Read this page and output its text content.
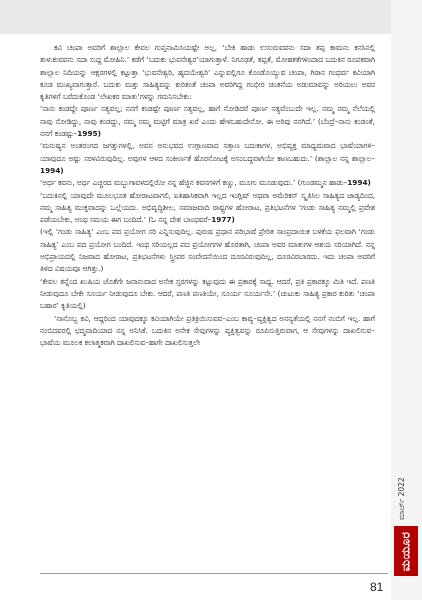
ಕವಿ ಚಂಪಾ ಅವರಿಗೆ ಶಾಲ್ಲಾಲ ಕೇವಲ ಗುಪ್ತನಾಮಿಸಿಯಷ್ಟೇ ಅಲ್ಲ, ‘ಬೇಕಿ ಹಾಡು ಉಸುರುವವನು ಸದಾ ತಪ್ಪ ಕಾಮನು ಕನಸಿನಲ್ಲಿ ತುಳುಕುವವನು ಸದಾ ಸುದ್ದ ಮೋಹಿನಿ.’ ಕಡೆಗೆ ‘ಬದುಕು ಭುವನೇಶ್ವರ’ಯಾಗುತ್ತಾಳೆ. ನಿಗೂಢತೆ, ತಪ್ಪತೆ, ಮೋಹಕತೆಗಳಿಂದಾದ ಬದುಕಿನ ರೂಪಕವಾಗಿ ಶಾಲ್ಲಾಲ ನಿದಿಯನ್ನು ಆಕ್ಷರಗಳಲ್ಲಿ ಕಟ್ಟುತ್ತಾ ‘ಭುವನೇಶ್ವರಿ, ಹೃದಯೇಶ್ವರಿ’ ಎನ್ನುವಲ್ಲಿಗೂ ಕೊಂಡೊಯ್ಯುವ ಚಂಪಾ, ಗಿರಾನ ಗಂಧರ್ವ ಕವಿಯಾಗಿ ಕೂಡ ಮುಖ್ಯವಾಗುತ್ತಾರೆ. ಬದುಕು ಮತ್ತು ಸಾಹಿತ್ಯವನ್ನು ಕುರಿತಂತೆ ಚಂಪಾ ಅವರಿಗಿದ್ದ ಗಂಭೀರ ಚಿಂತನೆಯ ಅಡುಮಾವನ್ನು ಅರಿಯಲು ಅವರ ಕೃತಿಗಳಿಗೆ ಬರೆದುಕೊಂಡ ‘ಲೇಖಕರ ಮಾತು’ಗಳನ್ನು ಗಮನಿಸಬೇಕು:

‘ನಾನು ಕಂಡದ್ದೇ ಪೂರ್ಣ ಸತ್ಯವಲ್ಲ; ನನಗೆ ಕಂಡಷ್ಟೇ ಪೂರ್ಣ ಸತ್ಯವಲ್ಲ, ಹಾಗೆ ನೋಡಿದರೆ ಪೂರ್ಣ ಸತ್ಯವೆಂಬುದೇ ಇಲ್ಲ. ನಮ್ಮ ನಮ್ಮ ನೆಲೆಯಲ್ಲಿ ನಾವು ನೋಡಿದ್ದು, ನಾವು ಕಂಡದ್ದು, ನಮ್ಮ ನಮ್ಮ ಮಟ್ಟಿಗೆ ಮಾತ್ರ ಖರೆ ಎಂದು ಹೇಳಬಹುದೇನೋ. ಈ ಅರಿವು ನನಗಿದೆ.’ (ಬೆಂದ್ರೆ–ನಾನು ಕಂಡಂತೆ, ನನಗೆ ಕಂಡಷ್ಟು–1995)

‘ಮನುಷ್ಯನ ಅಂತರಂಗದ ಜಗತ್ತುಗಳಲ್ಲಿ, ಅವನ ಅನುಭವದ ಉಗ್ಗಾಣವಾದ ಸತ್ತಾಣ ಬದುಕಾಗಳ, ಅಭಿವ್ಯಕ್ತ ಮಾಧ್ಯಮವಾದ ಭಾಷೆಯಾಗಳಿ– ಯಾವುದೂ ಅಷ್ಟು ಸರಳವಿರುವುದಿಲ್ಲ. ಅವುಗಳ ಆಳದ ಸಂಕೀರ್ಣತೆ ಹೊರನೋಟಕ್ಕೆ ಅಸಂಬದ್ಧವಾಗಿಯೇ ಕಾಣಬಹುದು.’ (ಶಾಲ್ಲಾಲ ನನ್ನ ಶಾಲ್ಲಾಲ–1994)

‘ಅರ್ಧ ಕವನು, ಅರ್ಧ ಎಚ್ಚರದ ಮಬ್ಬುಗಾವಳದಲ್ಲಿರೋ ನನ್ನ ಹೆಜ್ಜಿನ ಕವನಗಳಿಗೆ ಕಣ್ಣು, ಮೂಗು ಮೂಡುವುದು.’ (ಗುಂಡಮ್ಮನ ಹಾಡು–1994)

‘ಬದುಕಿನಲ್ಲಿ ಯಾವುದೇ ಮೂಲಭೂತ ಹೋರಾಟವಾಗಲಿ, ಐತಿಹಾಸಿಕವಾಗಿ ಇಲ್ಲದ ಇಂಗ್ಲಿಷ್ ಅಥವಾ ಅಮೆರಿಕನ್ ಸ್ಕೃತಿಸಿಲ ಸಾಹಿತ್ಯದ ಜಾಡ್ಯದಿಂದ, ನಮ್ಮ ಸಾಹಿತ್ಯ ಮುಕ್ತವಾದನ್ನು ಒಲ್ಲೆಯದು. ಅಭಿವೃದ್ಧಿಶೀಲ, ಸಮಾಜವಾದಿ ರಾಷ್ಟ್ರಗಳ ಹೋರಾಟ, ಪ್ರತಿಭಟನೆಗಳ ‘ಗಂಡು ಸಾಹಿತ್ಯ ನಮ್ಮಲ್ಲಿ ಪ್ರವೇಶ ಪಡೆಯಬೇಕು, ಅಂಥ ಸಮಯ ಈಗ ಬಂದಿದೆ.’ (ಓ ನನ್ನ ದೇಶ ಬಾಂಧವರೆ–1977)

(ಇಲ್ಲಿ ‘ಗಂಡು ಸಾಹಿತ್ಯ’ ಎಂಬ ಪದ ಪ್ರಯೋಗ ಸರಿ ಎನ್ನಿಸುವುದಿಲ್ಲ. ಪುರುಷ ಪ್ರಧಾನ ಪರಿಭಾಷೆ ಪ್ರೇರಿತ ಸಾಂಪ್ರದಾಯಿಕ ಬಳಕೆಯ ಫಲವಾಗಿ ‘ಗಂಡು ಸಾಹಿತ್ಯ’ ಎಂಬ ಪದ ಪ್ರಯೋಗ ಬಂದಿದೆ. ಇಂಥ ಸರಿಯಲ್ಲದ ಪದ ಪ್ರಯೋಗಗಳ ಹೊರತಾಗಿ, ಚಂಪಾ ಅವರ ಮಾತುಗಳ ಆಶಯ ಸರಿಯಾಗಿದೆ. ನನ್ನ ಅಭಿಪ್ರಾಯದಲ್ಲಿ ನಿಜವಾದ ಹೋರಾಟ, ಪ್ರತಿಭಟನೆಗಳು ಸ್ತ್ರೀಪರ ಸಂವೇದನೆಯಿಂದ ದೂರವಿರುವುದಿಲ್ಲ, ದೂರವಿರಬಾರದು. ಇದು ಚಂಪಾ ಅವರಿಗೆ ತಿಳಿದ ವಿಷಯವೂ ಆಗಿತ್ತು.)

‘ಕೇವಲ ತನ್ನೆಂದ ಖುಷಿಯ ಜೊತೆಗೇ ಜನಾನುವಾದ ಅನೇಕ ಸ್ತರಗಳನ್ನು ಕಟ್ಟುವುದು ಈ ಪ್ರಕಾರಕ್ಕೆ ಸಾಧ್ಯ. ಆದರೆ, ಪ್ರತಿ ಪ್ರಕಾರಕ್ಕೂ ಮಿತಿ ಇದೆ. ಪಣತಿ ನೀಡುವುದೂ ಬೇಕೇ ಸೂರ್ಯ ನೀಡುವುದೂ ಬೇಕು. ಆದರೆ, ಪಣತಿ ಪಣತಿಯೇ, ಸೂರ್ಯ ಸೂರ್ಯನೇ.’ (ಚುಟುಕು ಸಾಹಿತ್ಯ ಪ್ರಕಾರ ಕುರಿತು ‘ಚಂಪಾ ಬಹಾರ’ ಕೃತಿಯಲ್ಲಿ)

‘ನಾನೊಬ್ಬ ಕವಿ, ಆದ್ದರಿಂದ ಯಾವುದಕ್ಕೂ ಕವಿಯಾಗಿಯೇ ಪ್ರತಿಕ್ರಿಯಿಸುವವ–ಎಂಬ ಕಾವ್ಯ–ವ್ಯಕ್ತಿತ್ವದ ಅನನ್ಯತೆಯಲ್ಲಿ ನನಗೆ ನಂಬಿಗೆ ಇಲ್ಲ. ಹಾಗೆ ನಂಬಿದವರಲ್ಲಿ ಛದ್ಮವಾದಿಯಾದ ನನ್ನ ಅನಿಸಿಕೆ. ಬದುಕಿನ ಅನೇಕ ಸೇವುಗಳನ್ನು ವ್ಯಕ್ತಿತ್ವವನ್ನು ರೂಪಿಸುತ್ತಿರುವಾಗ, ಆ ಸೇವುಗಳನ್ನು ದಾಖಲಿಸುವ–ಭಾಷೆಯ ಮೂಲಕ ಕಲಾತ್ಮಕವಾಗಿ ದಾಖಲಿಸುವ–ಹಾಗೇ ದಾಖಲಿಸುತ್ತಲೇ

ಮಾರ್ಚ್ 2022
ಮಯೂರ
81
